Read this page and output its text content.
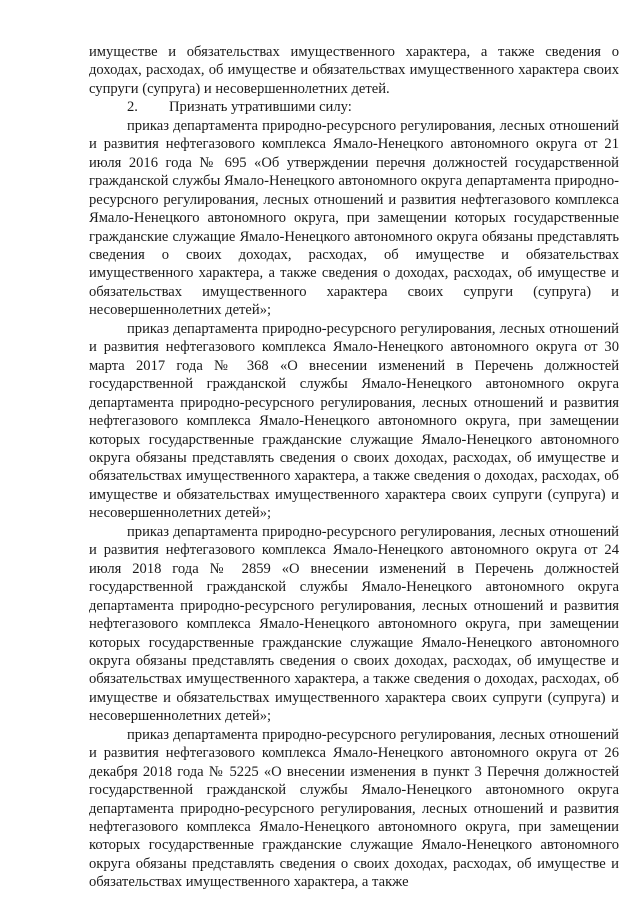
имуществе и обязательствах имущественного характера, а также сведения о доходах, расходах, об имуществе и обязательствах имущественного характера своих супруги (супруга) и несовершеннолетних детей.

2. Признать утратившими силу:

приказ департамента природно-ресурсного регулирования, лесных отношений и развития нефтегазового комплекса Ямало-Ненецкого автономного округа от 21 июля 2016 года № 695 «Об утверждении перечня должностей государственной гражданской службы Ямало-Ненецкого автономного округа департамента природно-ресурсного регулирования, лесных отношений и развития нефтегазового комплекса Ямало-Ненецкого автономного округа, при замещении которых государственные гражданские служащие Ямало-Ненецкого автономного округа обязаны представлять сведения о своих доходах, расходах, об имуществе и обязательствах имущественного характера, а также сведения о доходах, расходах, об имуществе и обязательствах имущественного характера своих супруги (супруга) и несовершеннолетних детей»;

приказ департамента природно-ресурсного регулирования, лесных отношений и развития нефтегазового комплекса Ямало-Ненецкого автономного округа от 30 марта 2017 года № 368 «О внесении изменений в Перечень должностей государственной гражданской службы Ямало-Ненецкого автономного округа департамента природно-ресурсного регулирования, лесных отношений и развития нефтегазового комплекса Ямало-Ненецкого автономного округа, при замещении которых государственные гражданские служащие Ямало-Ненецкого автономного округа обязаны представлять сведения о своих доходах, расходах, об имуществе и обязательствах имущественного характера, а также сведения о доходах, расходах, об имуществе и обязательствах имущественного характера своих супруги (супруга) и несовершеннолетних детей»;

приказ департамента природно-ресурсного регулирования, лесных отношений и развития нефтегазового комплекса Ямало-Ненецкого автономного округа от 24 июля 2018 года № 2859 «О внесении изменений в Перечень должностей государственной гражданской службы Ямало-Ненецкого автономного округа департамента природно-ресурсного регулирования, лесных отношений и развития нефтегазового комплекса Ямало-Ненецкого автономного округа, при замещении которых государственные гражданские служащие Ямало-Ненецкого автономного округа обязаны представлять сведения о своих доходах, расходах, об имуществе и обязательствах имущественного характера, а также сведения о доходах, расходах, об имуществе и обязательствах имущественного характера своих супруги (супруга) и несовершеннолетних детей»;

приказ департамента природно-ресурсного регулирования, лесных отношений и развития нефтегазового комплекса Ямало-Ненецкого автономного округа от 26 декабря 2018 года № 5225 «О внесении изменения в пункт 3 Перечня должностей государственной гражданской службы Ямало-Ненецкого автономного округа департамента природно-ресурсного регулирования, лесных отношений и развития нефтегазового комплекса Ямало-Ненецкого автономного округа, при замещении которых государственные гражданские служащие Ямало-Ненецкого автономного округа обязаны представлять сведения о своих доходах, расходах, об имуществе и обязательствах имущественного характера, а также
